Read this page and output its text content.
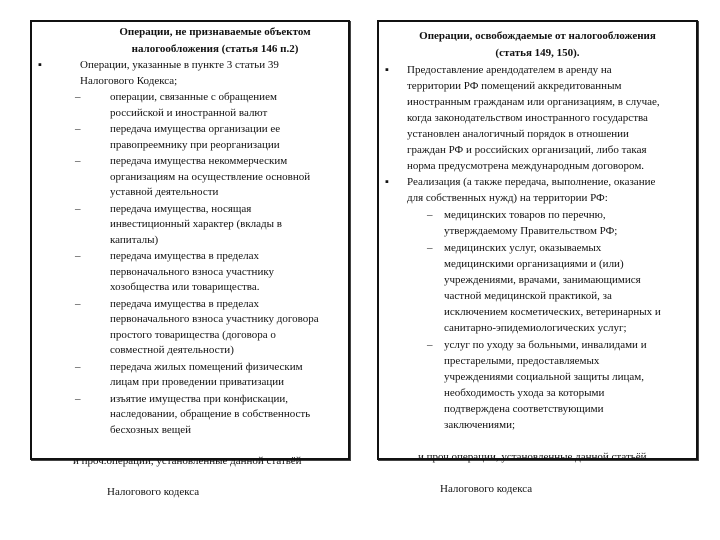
Операции, не признаваемые объектом
налогообложения (статья 146 п.2)
▪	Операции, указанные в пункте 3 статьи 39
Налогового Кодекса;
–	операции, связанные с обращением
российской и иностранной валют
–	передача имущества организации ее
правопреемнику при реорганизации
–	передача имущества некоммерческим
организациям на осуществление основной
уставной деятельности
–	передача имущества, носящая
инвестиционный характер (вклады в
капиталы)
–	передача имущества в пределах
первоначального взноса участнику
хозобщества или товарищества.
–	передача имущества в пределах
первоначального взноса участнику договора
простого товарищества (договора о
совместной деятельности)
–	передача жилых помещений физическим
лицам при проведении приватизации
–	изъятие имущества при конфискации,
наследовании, обращение в собственность
бесхозных вещей

и проч.операции, установленные данной статьёй

Налогового кодекса

Операции, освобождаемые от налогообложения
(статья 149, 150).
▪ Предоставление арендодателем в аренду на
территории РФ помещений аккредитованным
иностранным гражданам или организациям, в случае,
когда законодательством иностранного государства
установлен аналогичный порядок в отношении
граждан РФ и российских организаций, либо такая
норма предусмотрена международным договором.
▪ Реализация (а также передача, выполнение, оказание
для собственных нужд) на территории РФ:
– медицинских товаров по перечню,
утверждаемому Правительством РФ;
– медицинских услуг, оказываемых
медицинскими организациями и (или)
учреждениями, врачами, занимающимися
частной медицинской практикой, за
исключением косметических, ветеринарных и
санитарно-эпидемиологических услуг;
– услуг по уходу за больными, инвалидами и
престарелыми, предоставляемых
учреждениями социальной защиты лицам,
необходимость ухода за которыми
подтверждена соответствующими
заключениями;

и проч.операции, установленные данной статьёй

Налогового кодекса
